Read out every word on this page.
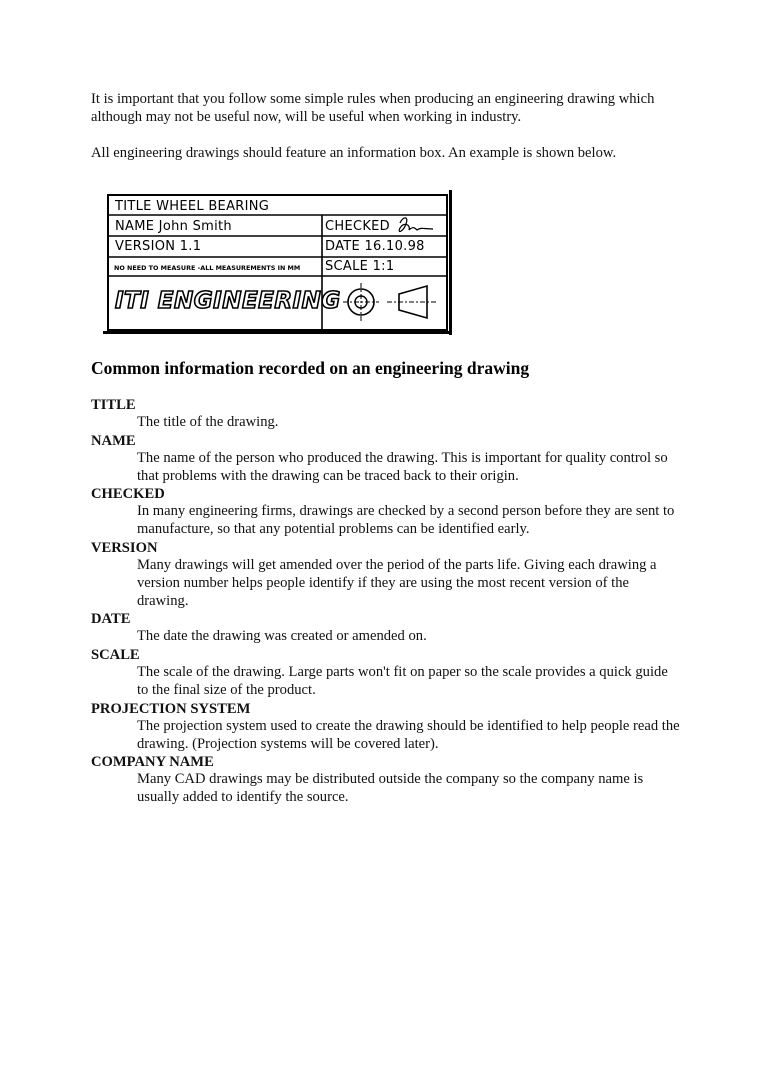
It is important that you follow some simple rules when producing an engineering drawing which although may not be useful now, will be useful when working in industry.

All engineering drawings should feature an information box. An example is shown below.

TITLE WHEEL BEARING
NAME John Smith	CHECKED
VERSION 1.1	DATE 16.10.98
NO NEED TO MEASURE -ALL MEASUREMENTS IN MM SCALE 1:1
ITI ENGINEERING
Common information recorded on an engineering drawing

TITLE

The title of the drawing.

NAME

The name of the person who produced the drawing. This is important for quality control so that problems with the drawing can be traced back to their origin.

CHECKED

In many engineering firms, drawings are checked by a second person before they are sent to manufacture, so that any potential problems can be identified early.

VERSION

Many drawings will get amended over the period of the parts life. Giving each drawing a version number helps people identify if they are using the most recent version of the drawing.

DATE

The date the drawing was created or amended on.

SCALE

The scale of the drawing. Large parts won't fit on paper so the scale provides a quick guide to the final size of the product.

PROJECTION SYSTEM

The projection system used to create the drawing should be identified to help people read the drawing. (Projection systems will be covered later).

COMPANY NAME

Many CAD drawings may be distributed outside the company so the company name is usually added to identify the source.
